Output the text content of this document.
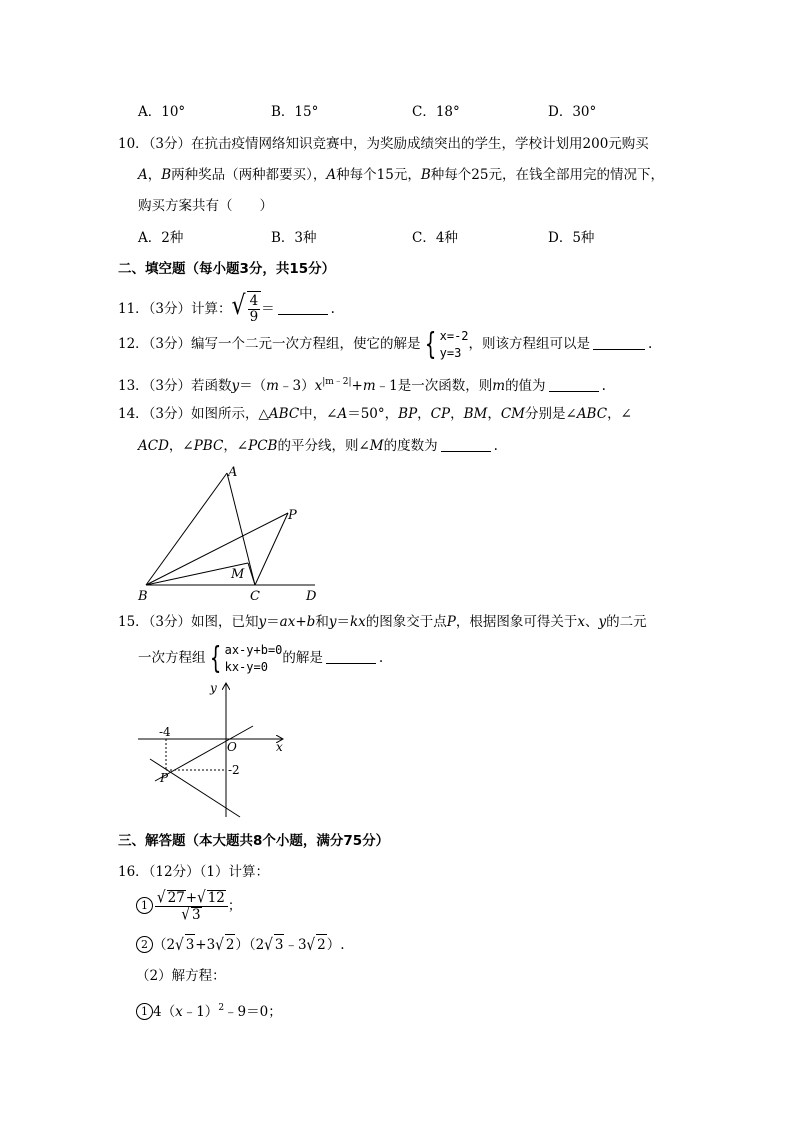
A．10°	B．15°	C．18°	D．30°
10．（3分）在抗击疫情网络知识竞赛中，为奖励成绩突出的学生，学校计划用200元购买
A，B两种奖品（两种都要买），A种每个15元，B种每个25元，在钱全部用完的情况下，
购买方案共有（　　）
A．2种	B．3种	C．4种	D．5种
二、填空题（每小题3分，共15分）
11．（3分）计算：√ $\frac{4}{9}$ ＝	.
12．（3分）编写一个二元一次方程组，使它的解是 { x=-2
y=3
，则该方程组可以是	.
13．（3分）若函数$y=(m﹣3)x^{|m﹣2|}+m﹣1$是一次函数，则m的值为	.
14．（3分）如图所示，△ABC中，∠A＝50°，BP，CP，BM，CM分别是∠ABC，∠
ACD，∠PBC，∠PCB的平分线，则∠M的度数为	.
A
P
M
B	C	D
15．（3分）如图，已知y＝ax+b和y＝kx的图象交于点P，根据图象可得关于x、y的二元
一次方程组 { ax-y+b=0
kx-y=0
的解是	.
y
x
O
-4
-2
P
三、解答题（本大题共8个小题，满分75分）
16．（12分）（1）计算：
$1 \frac{√ 27+√ 12}{√ 3}$ ；
2 （2√ 3+3√ 2）（2√ 3﹣3√ 2）.
（2）解方程：
1 4（x﹣1）$^2$﹣9＝0；
